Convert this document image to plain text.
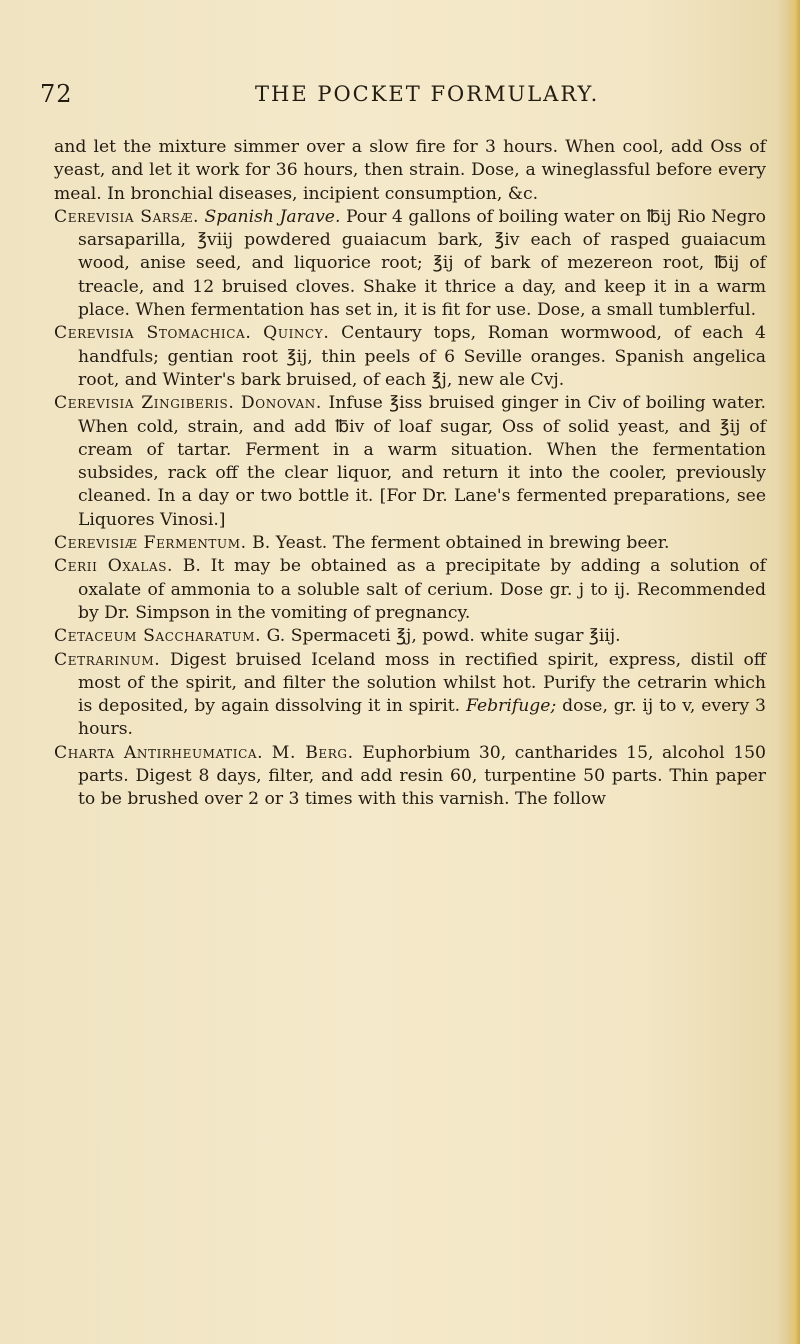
72	THE POCKET FORMULARY.

and let the mixture simmer over a slow fire for 3 hours. When cool, add Oss of yeast, and let it work for 36 hours, then strain. Dose, a wineglassful before every meal. In bronchial diseases, incipient consumption, &c.

Cerevisia Sarsæ. Spanish Jarave. Pour 4 gallons of boiling water on ℔ij Rio Negro sarsaparilla, ℥viij powdered guaiacum bark, ℥iv each of rasped guaiacum wood, anise seed, and liquorice root; ℥ij of bark of mezereon root, ℔ij of treacle, and 12 bruised cloves. Shake it thrice a day, and keep it in a warm place. When fermentation has set in, it is fit for use. Dose, a small tumblerful.

Cerevisia Stomachica. Quincy. Centaury tops, Roman wormwood, of each 4 handfuls; gentian root ℥ij, thin peels of 6 Seville oranges. Spanish angelica root, and Winter's bark bruised, of each ℥j, new ale Cvj.

Cerevisia Zingiberis. Donovan. Infuse ℥iss bruised ginger in Civ of boiling water. When cold, strain, and add ℔iv of loaf sugar, Oss of solid yeast, and ℥ij of cream of tartar. Ferment in a warm situation. When the fermentation subsides, rack off the clear liquor, and return it into the cooler, previously cleaned. In a day or two bottle it. [For Dr. Lane's fermented preparations, see Liquores Vinosi.]

Cerevisiæ Fermentum. B. Yeast. The ferment obtained in brewing beer.

Cerii Oxalas. B. It may be obtained as a precipitate by adding a solution of oxalate of ammonia to a soluble salt of cerium. Dose gr. j to ij. Recommended by Dr. Simpson in the vomiting of pregnancy.

Cetaceum Saccharatum. G. Spermaceti ℥j, powd. white sugar ℥iij.

Cetrarinum. Digest bruised Iceland moss in rectified spirit, express, distil off most of the spirit, and filter the solution whilst hot. Purify the cetrarin which is deposited, by again dissolving it in spirit. Febrifuge; dose, gr. ij to v, every 3 hours.

Charta Antirheumatica. M. Berg. Euphorbium 30, cantharides 15, alcohol 150 parts. Digest 8 days, filter, and add resin 60, turpentine 50 parts. Thin paper to be brushed over 2 or 3 times with this varnish. The follow
